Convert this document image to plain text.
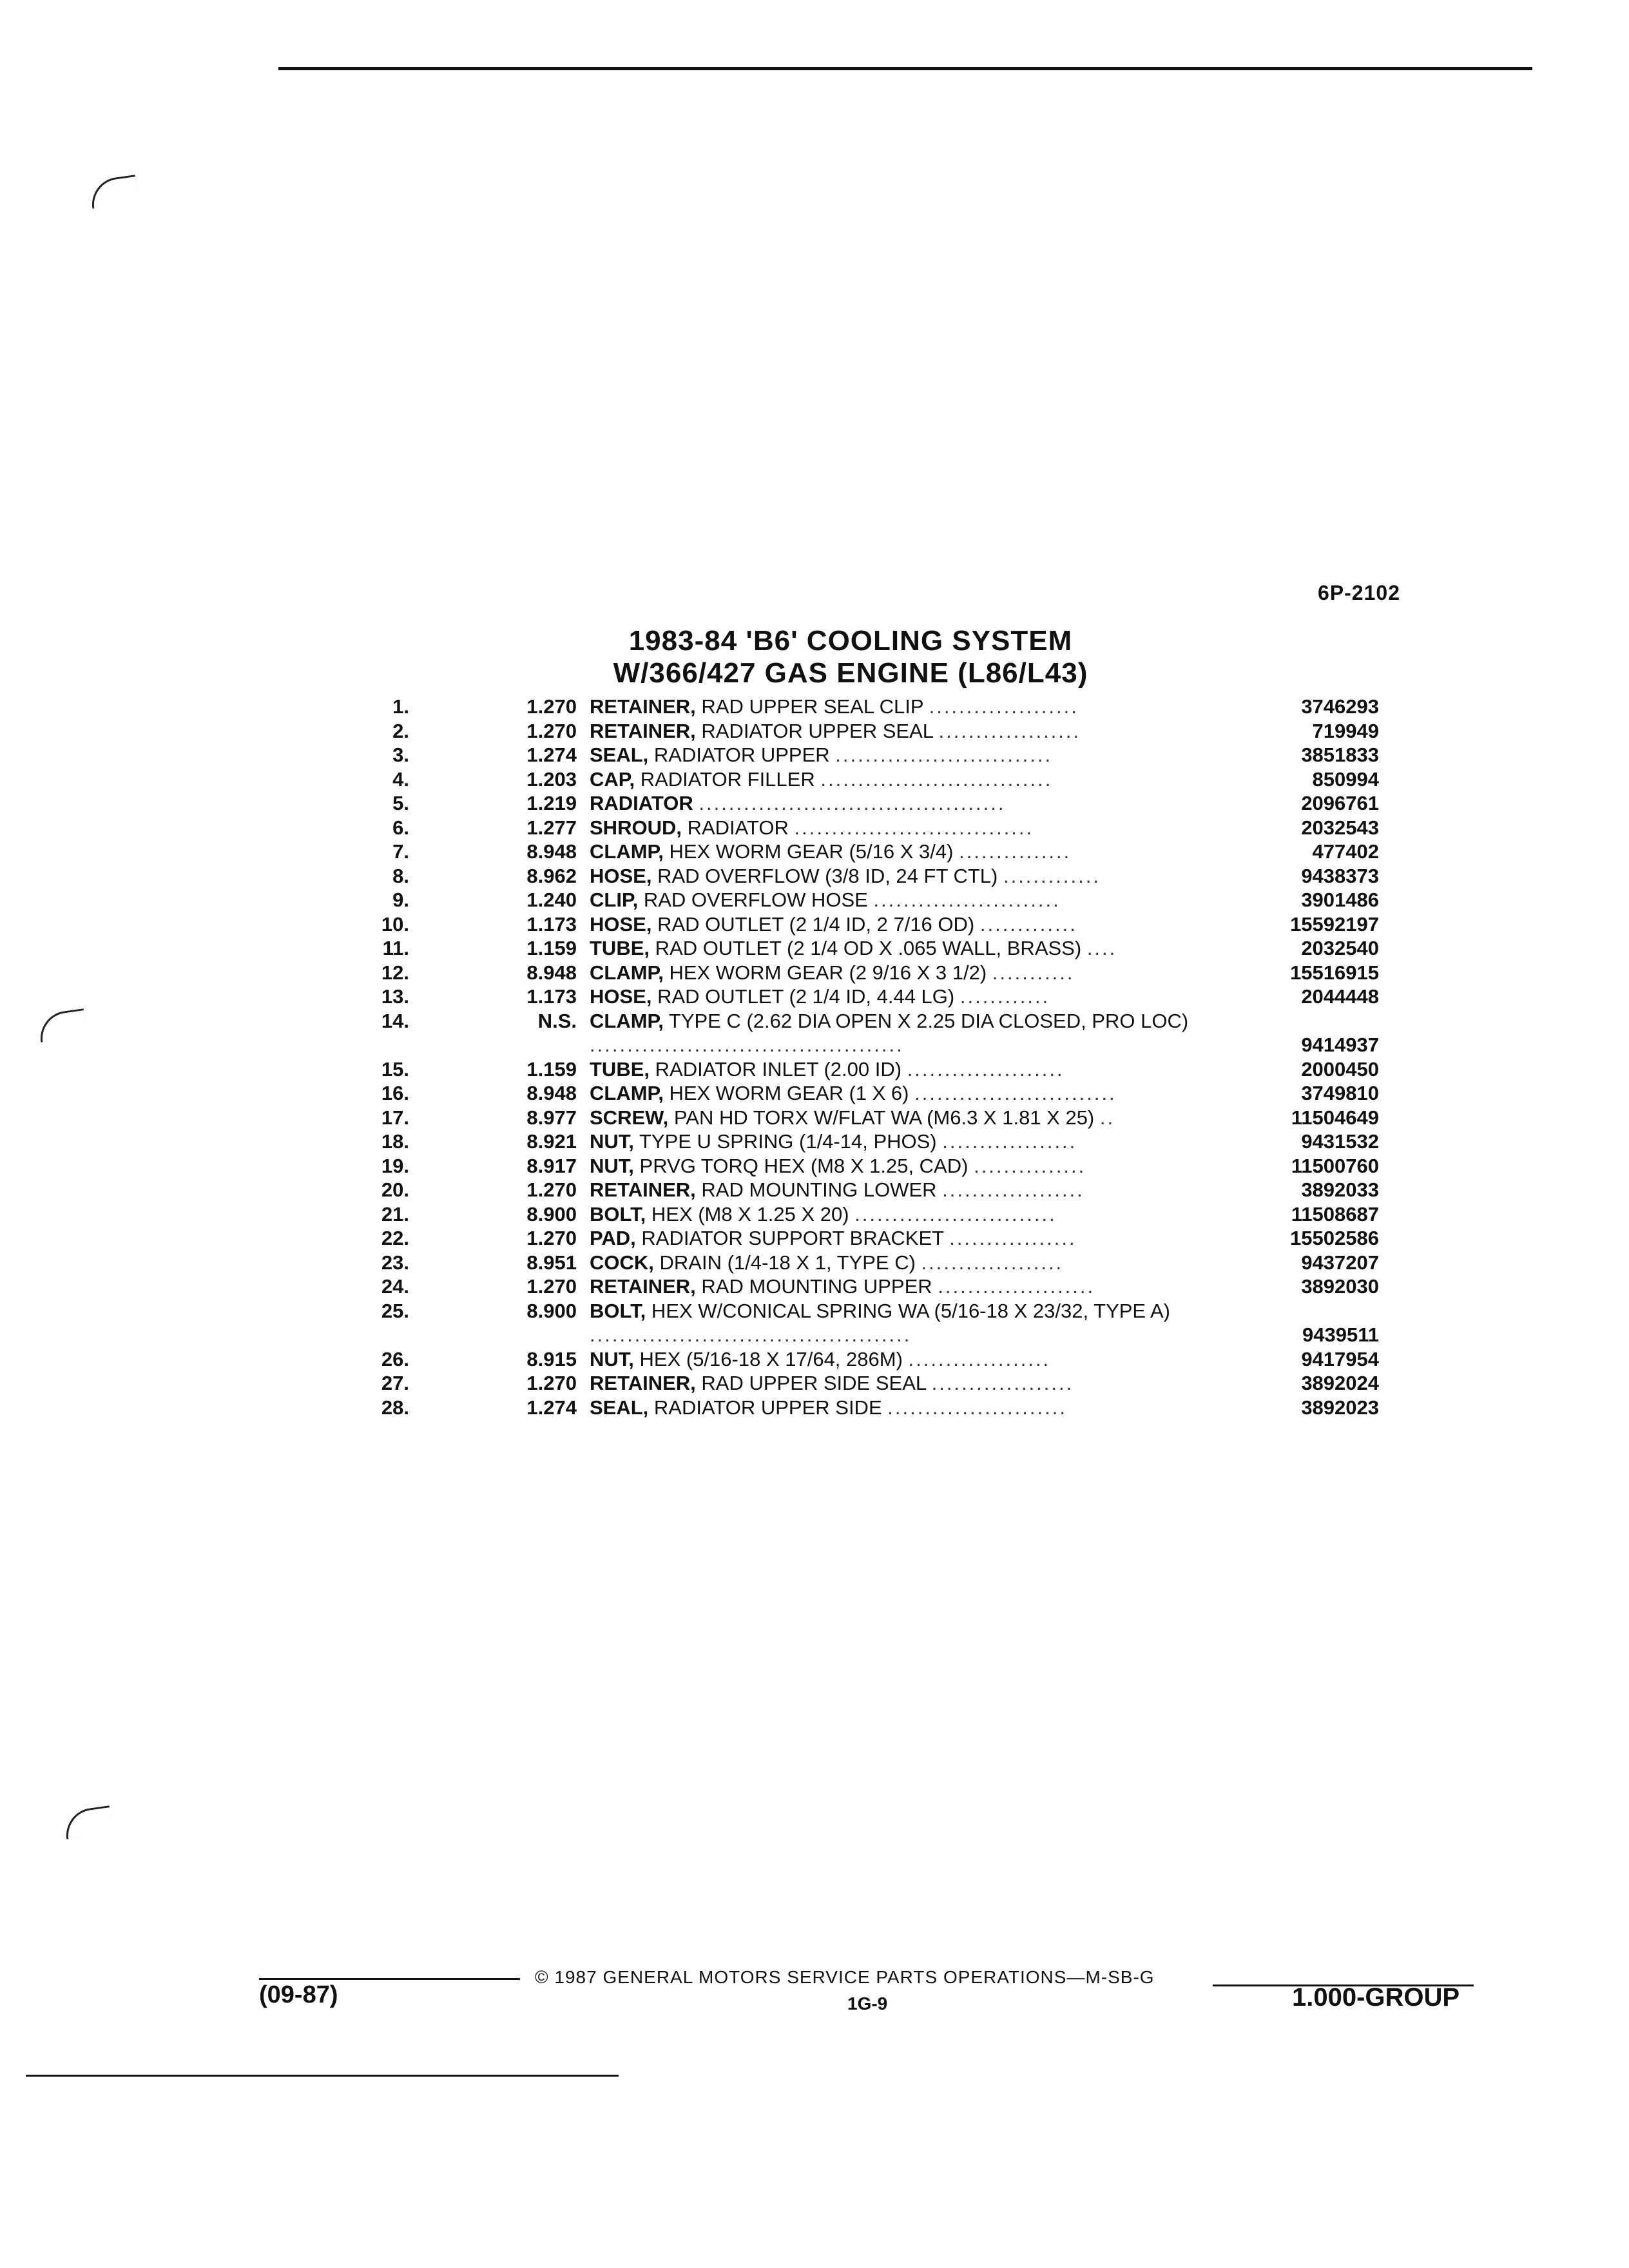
6P-2102
1983-84 'B6' COOLING SYSTEM
W/366/427 GAS ENGINE (L86/L43)
1.	1.270 RETAINER, RAD UPPER SEAL CLIP ....................	3746293
2.	1.270 RETAINER, RADIATOR UPPER SEAL ...................	719949
3.	1.274 SEAL, RADIATOR UPPER .............................	3851833
4.	1.203 CAP, RADIATOR FILLER ...............................	850994
5.	1.219 RADIATOR .........................................	2096761
6.	1.277 SHROUD, RADIATOR ................................	2032543
7.	8.948 CLAMP, HEX WORM GEAR (5/16 X 3/4) ...............	477402
8.	8.962 HOSE, RAD OVERFLOW (3/8 ID, 24 FT CTL) .............	9438373
9.	1.240 CLIP, RAD OVERFLOW HOSE .........................	3901486
10.	1.173 HOSE, RAD OUTLET (2 1/4 ID, 2 7/16 OD) .............	15592197
11.	1.159 TUBE, RAD OUTLET (2 1/4 OD X .065 WALL, BRASS) ....	2032540
12.	8.948 CLAMP, HEX WORM GEAR (2 9/16 X 3 1/2) ...........	15516915
13.	1.173 HOSE, RAD OUTLET (2 1/4 ID, 4.44 LG) ............	2044448
14.	N.S. CLAMP, TYPE C (2.62 DIA OPEN X 2.25 DIA CLOSED, PRO LOC) ..........................................	9414937
15.	1.159 TUBE, RADIATOR INLET (2.00 ID) .....................	2000450
16.	8.948 CLAMP, HEX WORM GEAR (1 X 6) ...........................	3749810
17.	8.977 SCREW, PAN HD TORX W/FLAT WA (M6.3 X 1.81 X 25) ..	11504649
18.	8.921 NUT, TYPE U SPRING (1/4-14, PHOS) ..................	9431532
19.	8.917 NUT, PRVG TORQ HEX (M8 X 1.25, CAD) ...............	11500760
20.	1.270 RETAINER, RAD MOUNTING LOWER ...................	3892033
21.	8.900 BOLT, HEX (M8 X 1.25 X 20) ...........................	11508687
22.	1.270 PAD, RADIATOR SUPPORT BRACKET .................	15502586
23.	8.951 COCK, DRAIN (1/4-18 X 1, TYPE C) ...................	9437207
24.	1.270 RETAINER, RAD MOUNTING UPPER .....................	3892030
25.	8.900 BOLT, HEX W/CONICAL SPRING WA (5/16-18 X 23/32, TYPE A) ...........................................	9439511
26.	8.915 NUT, HEX (5/16-18 X 17/64, 286M) ...................	9417954
27.	1.270 RETAINER, RAD UPPER SIDE SEAL ...................	3892024
28.	1.274 SEAL, RADIATOR UPPER SIDE ........................	3892023
(09-87)
© 1987 GENERAL MOTORS SERVICE PARTS OPERATIONS—M-SB-G
1G-9	1.000-GROUP
